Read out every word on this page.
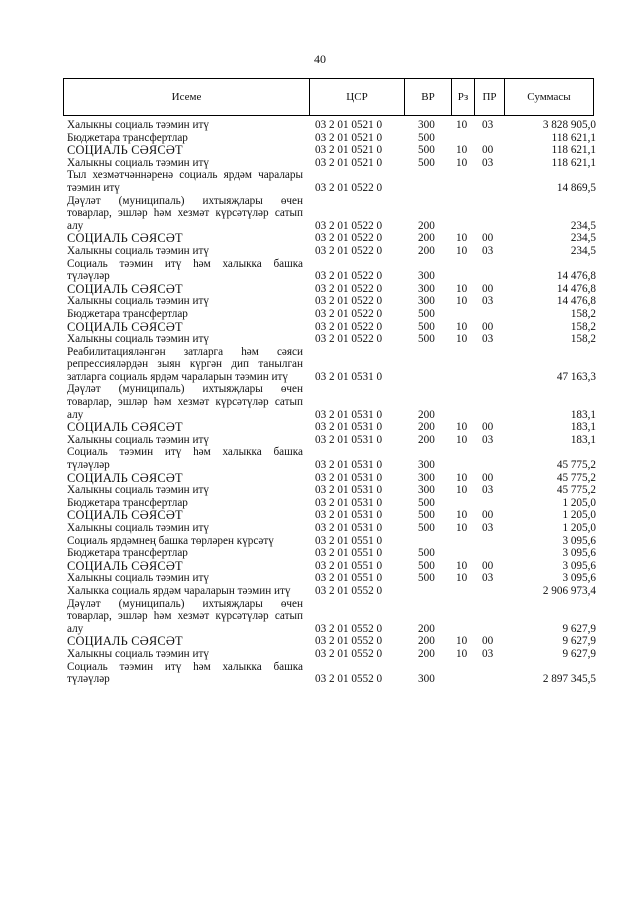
40
Исеме	ЦСР	ВР	Рз	ПР	Суммасы
Халыкны социаль тәэмин итү	03 2 01 0521 0	300 10 03	3 828 905,0
Бюджетара трансфертлар	03 2 01 0521 0	500	118 621,1
СОЦИАЛЬ СӘЯСӘТ	03 2 01 0521 0	500 10 00	118 621,1
Халыкны социаль тәэмин итү	03 2 01 0521 0	500 10 03	118 621,1
Тыл хезмәтчәннәренә социаль ярдәм чаралары тәэмин итү	03 2 01 0522 0	14 869,5
Дәүләт (муниципаль) ихтыяҗлары өчен товарлар, эшләр һәм хезмәт күрсәтүләр сатып алу	03 2 01 0522 0	200	234,5
СОЦИАЛЬ СӘЯСӘТ	03 2 01 0522 0	200 10 00	234,5
Халыкны социаль тәэмин итү	03 2 01 0522 0	200 10 03	234,5
Социаль тәэмин итү һәм халыкка башка түләүләр	03 2 01 0522 0	300	14 476,8
СОЦИАЛЬ СӘЯСӘТ	03 2 01 0522 0	300 10 00	14 476,8
Халыкны социаль тәэмин итү	03 2 01 0522 0	300 10 03	14 476,8
Бюджетара трансфертлар	03 2 01 0522 0	500	158,2
СОЦИАЛЬ СӘЯСӘТ	03 2 01 0522 0	500 10 00	158,2
Халыкны социаль тәэмин итү	03 2 01 0522 0	500 10 03	158,2
Реабилитацияләнгән затларга һәм сәяси репрессияләрдән зыян күргән дип танылган затларга социаль ярдәм чараларын тәэмин итү	03 2 01 0531 0	47 163,3
Дәүләт (муниципаль) ихтыяҗлары өчен товарлар, эшләр һәм хезмәт күрсәтүләр сатып алу	03 2 01 0531 0	200	183,1
СОЦИАЛЬ СӘЯСӘТ	03 2 01 0531 0	200 10 00	183,1
Халыкны социаль тәэмин итү	03 2 01 0531 0	200 10 03	183,1
Социаль тәэмин итү һәм халыкка башка түләүләр	03 2 01 0531 0	300	45 775,2
СОЦИАЛЬ СӘЯСӘТ	03 2 01 0531 0	300 10 00	45 775,2
Халыкны социаль тәэмин итү	03 2 01 0531 0	300 10 03	45 775,2
Бюджетара трансфертлар	03 2 01 0531 0	500	1 205,0
СОЦИАЛЬ СӘЯСӘТ	03 2 01 0531 0	500 10 00	1 205,0
Халыкны социаль тәэмин итү	03 2 01 0531 0	500 10 03	1 205,0
Социаль ярдәмнең башка төрләрен күрсәтү	03 2 01 0551 0	3 095,6
Бюджетара трансфертлар	03 2 01 0551 0	500	3 095,6
СОЦИАЛЬ СӘЯСӘТ	03 2 01 0551 0	500 10 00	3 095,6
Халыкны социаль тәэмин итү	03 2 01 0551 0	500 10 03	3 095,6
Халыкка социаль ярдәм чараларын тәэмин итү	03 2 01 0552 0	2 906 973,4
Дәүләт (муниципаль) ихтыяҗлары өчен товарлар, эшләр һәм хезмәт күрсәтүләр сатып алу	03 2 01 0552 0	200	9 627,9
СОЦИАЛЬ СӘЯСӘТ	03 2 01 0552 0	200 10 00	9 627,9
Халыкны социаль тәэмин итү	03 2 01 0552 0	200 10 03	9 627,9
Социаль тәэмин итү һәм халыкка башка түләүләр	03 2 01 0552 0	300	2 897 345,5
